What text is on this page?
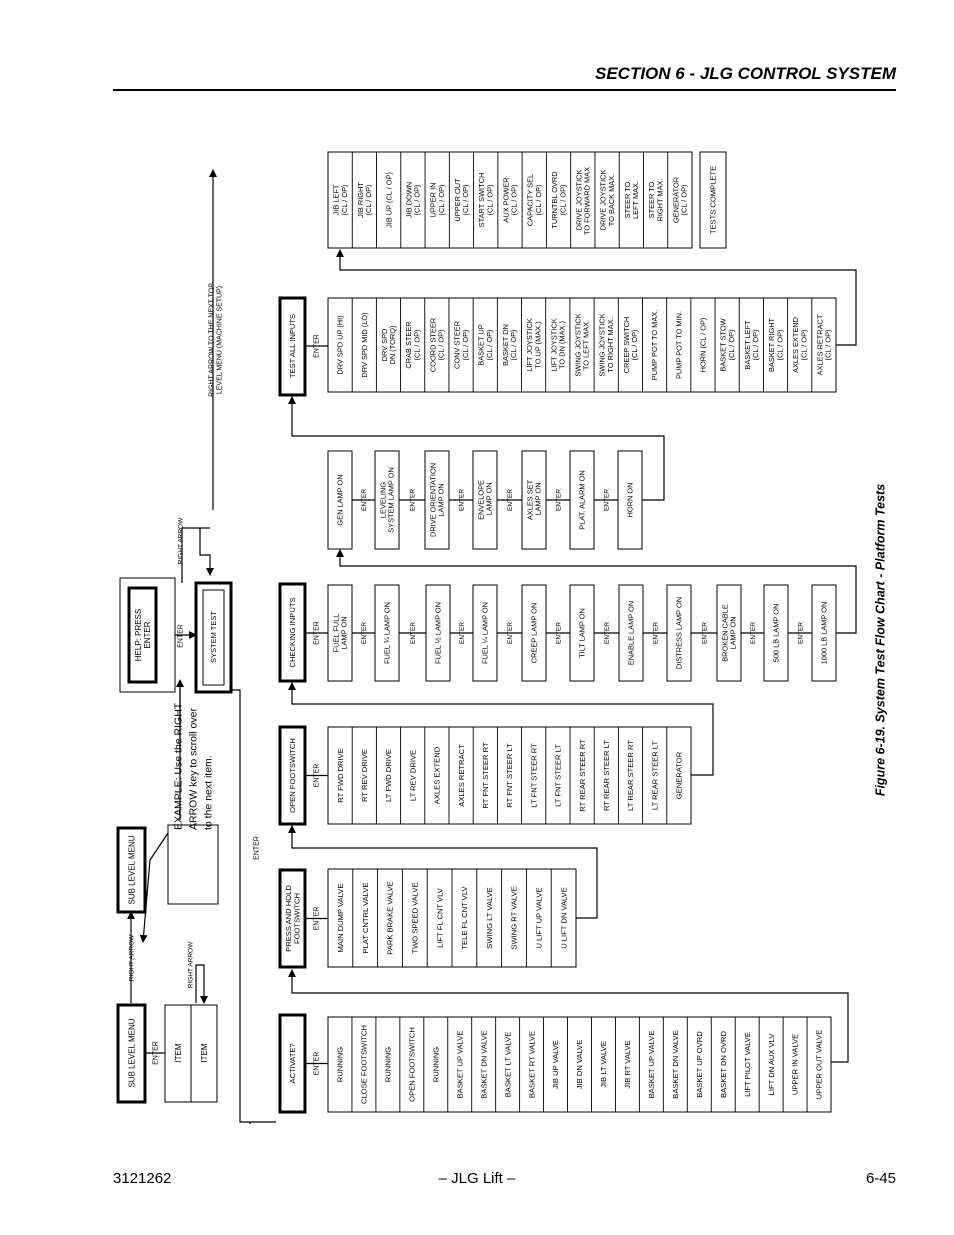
SECTION 6 - JLG CONTROL SYSTEM
SUB LEVEL MENU	ITEM ITEM
ENTER
RIGHT ARROW
SUB LEVEL MENU
RIGHT ARROW
EXAMPLE: Use the RIGHT ARROW key to scroll over to the next item.
HELP: PRESSENTER	ENTER	SYSTEM TEST
RIGHT ARROW
RIGHT ARROW TO THE NEXT TOPLEVEL MENU (MACHINE SETUP)
ENTER
ACTIVATE? ENTER RUNNING CLOSE FOOTSWITCH RUNNING OPEN FOOTSWITCH RUNNING BASKET UP VALVE BASKET DN VALVE BASKET LT VALVE BASKET RT VALVE JIB UP VALVE JIB DN VALVE JIB LT VALVE JIB RT VALVE BASKET UP VALVE BASKET DN VALVE BASKET UP OVRD BASKET DN OVRD LIFT PILOT VALVE LIFT DN AUX VLV UPPER IN VALVE UPPER OUT VALVE
PRESS AND HOLDFOOTSWITCH ENTER MAIN DUMP VALVE PLAT CNTRL VALVE PARK BRAKE VALVE TWO SPEED VALVE LIFT FL CNT VLV TELE FL CNT VLV SWING LT VALVE SWING RT VALVE U LIFT UP VALVE U LIFT DN VALVE
OPEN FOOTSWITCH ENTER RT FWD DRIVE RT REV DRIVE LT FWD DRIVE LT REV DRIVE AXLES EXTEND AXLES RETRACT RT FNT STEER RT RT FNT STEER LT LT FNT STEER RT LT FNT STEER LT RT REAR STEER RT RT REAR STEER LT LT REAR STEER RT LT REAR STEER LT GENERATOR
CHECKING INPUTS ENTER FUEL FULLLAMP ON ENTER FUEL ¾ LAMP ON	ENTER FUEL ½ LAMP ON ENTER FUEL ¼ LAMP ON	ENTER CREEP LAMP ON	ENTER TILT LAMP ON	ENTER ENABLE LAMP ON	ENTER DISTRESS LAMP ON	ENTER BROKEN CABLELAMP ON ENTER 500 LB LAMP ON	ENTER 1000 LB LAMP ON
GEN LAMP ON ENTER LEVELINGSYSTEM LAMP ON ENTER DRIVE ORIENTATIONLAMP ON ENTER ENVELOPE LAMP ON ENTER AXLES SET LAMP ON ENTER PLAT. ALARM ON	ENTER HORN ON
TEST ALL INPUTS ENTER DRV SPD UP (HI) DRV SPD MID (LO) DRV SPDDN (TORQ) CRAB STEER(CL / OP) COORD STEER(CL / OP) CONV STEER(CL / OP) BASKET UP(CL / OP) BASKET DN(CL / OP) LIFT JOYSTICKTO UP (MAX.) LIFT JOYSTICKTO DN (MAX.) SWING JOYSTICKTO LEFT MAX. SWING JOYSTICKTO RIGHT MAX. CREEP SWITCH(CL / OP) PUMP POT TO MAX. PUMP POT TO MIN. HORN (CL / OP) BASKET STOW(CL / OP) BASKET LEFT(CL / OP) BASKET RIGHT(CL / OP) AXLES EXTEND(CL / OP) AXLES RETRACT(CL / OP)
JIB LEFT(CL / OP) JIB RIGHT(CL / OP) JIB UP (CL / OP) JIB DOWN(CL / OP) UPPER IN(CL / OP) UPPER OUT(CL / OP) START SWITCH(CL / OP) AUX POWER(CL / OP) CAPACITY SEL(CL / OP) TURNTBL OVRD(CL / OP) DRIVE JOYSTICKTO FORWARD MAX. DRIVE JOYSTICKTO BACK MAX. STEER TOLEFT MAX. STEER TORIGHT MAX. GENERATOR(CL / OP)	TESTS COMPLETE
Figure 6-19. System Test Flow Chart - Platform Tests
3121262	– JLG Lift –	6-45
